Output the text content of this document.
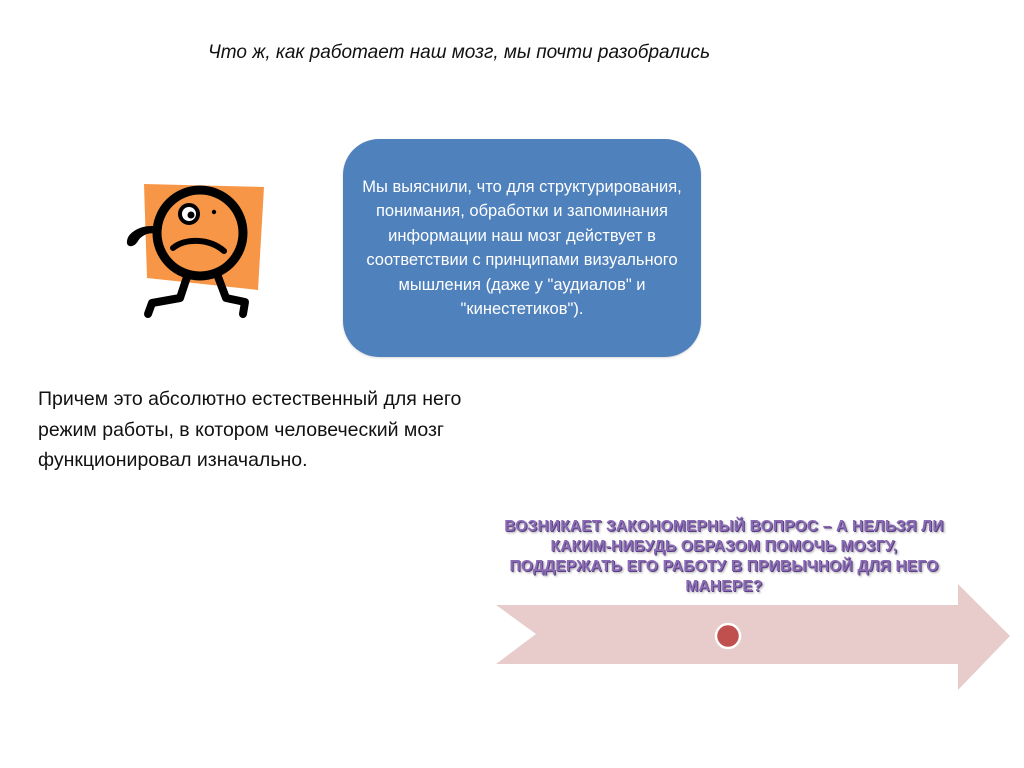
Что ж, как работает наш мозг, мы почти разобрались
Мы выяснили, что для структурирования, понимания, обработки и запоминания информации наш мозг действует в соответствии с принципами визуального мышления (даже у "аудиалов" и "кинестетиков").
Причем это абсолютно естественный для него режим работы, в котором человеческий мозг функционировал изначально.
ВОЗНИКАЕТ ЗАКОНОМЕРНЫЙ ВОПРОС – А НЕЛЬЗЯ ЛИ КАКИМ-НИБУДЬ ОБРАЗОМ ПОМОЧЬ МОЗГУ, ПОДДЕРЖАТЬ ЕГО РАБОТУ В ПРИВЫЧНОЙ ДЛЯ НЕГО МАНЕРЕ?
